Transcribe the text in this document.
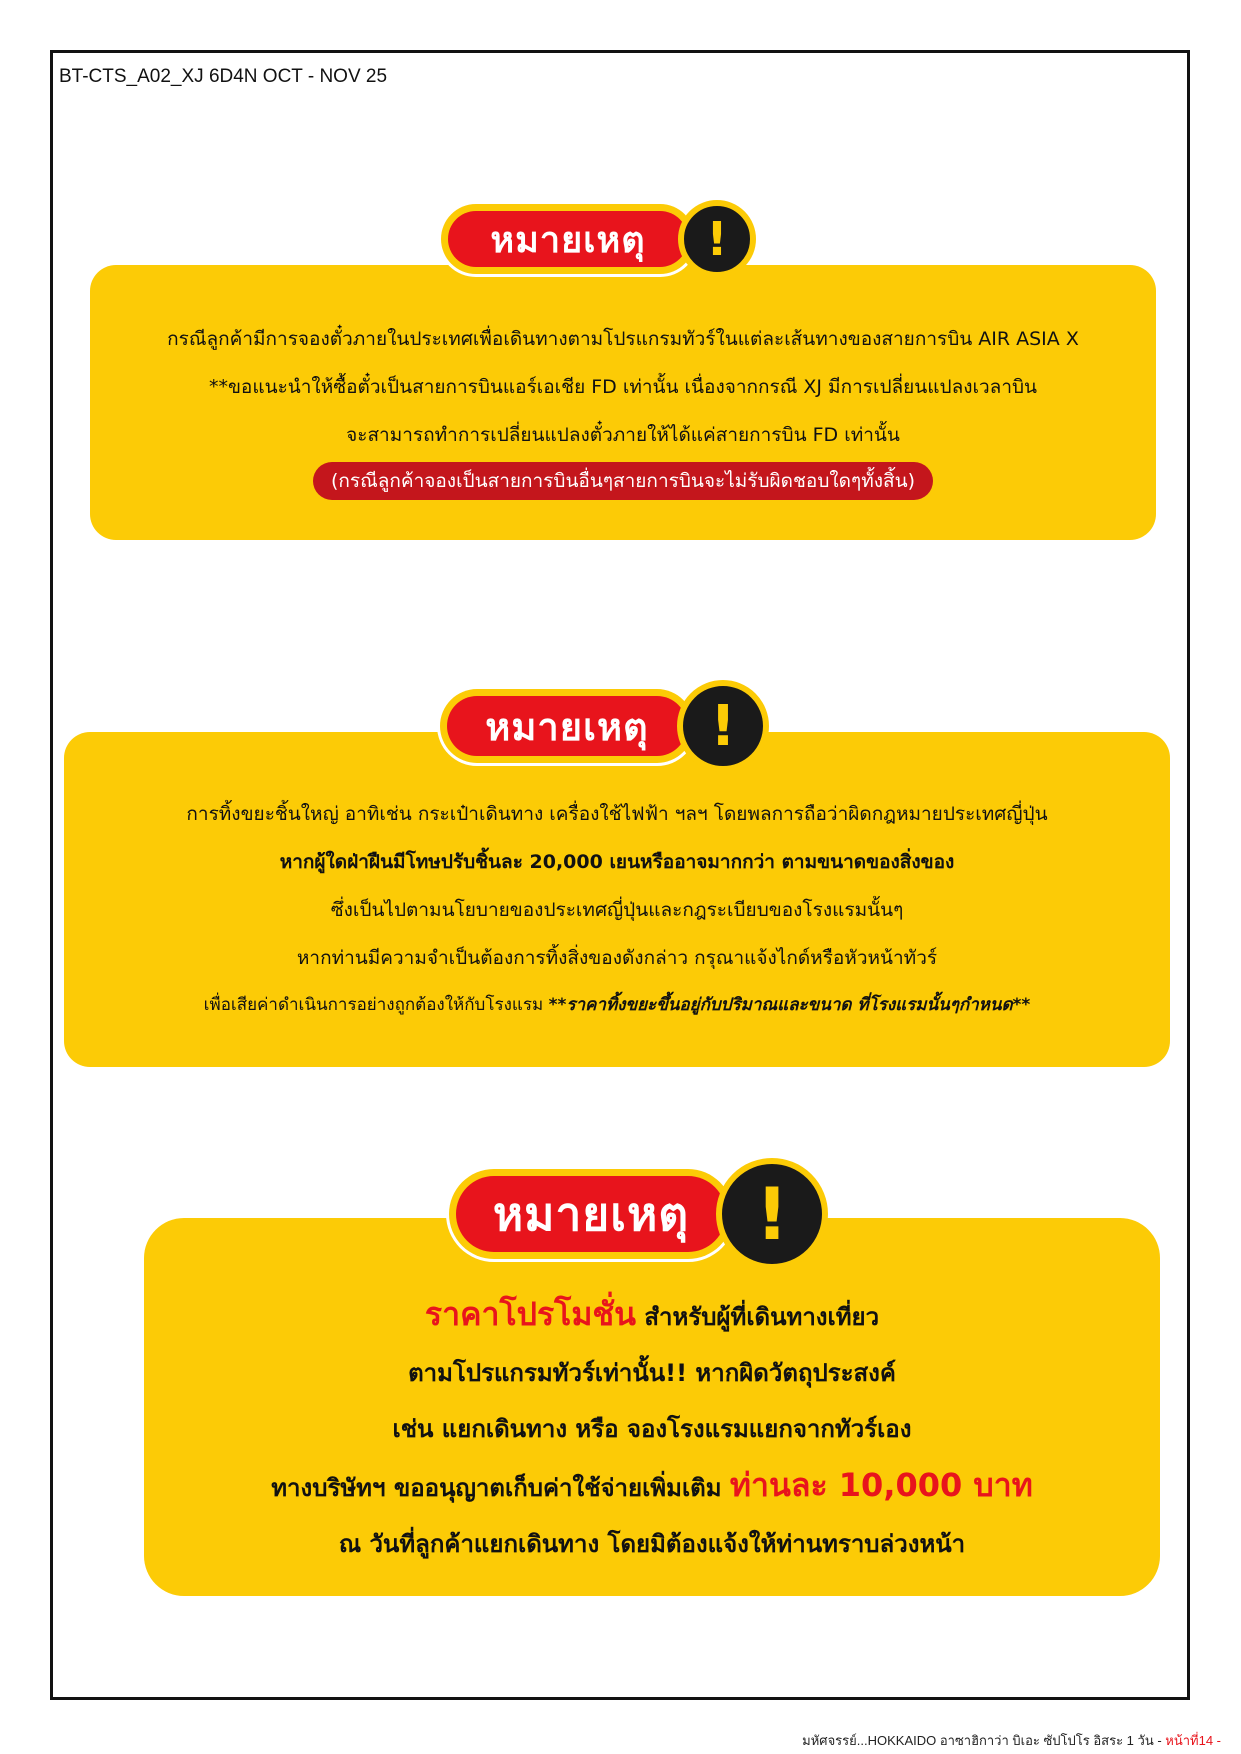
BT-CTS_A02_XJ 6D4N OCT - NOV 25
กรณีลูกค้ามีการจองตั๋วภายในประเทศเพื่อเดินทางตามโปรแกรมทัวร์ในแต่ละเส้นทางของสายการบิน AIR ASIA X
**ขอแนะนำให้ซื้อตั๋วเป็นสายการบินแอร์เอเชีย FD เท่านั้น เนื่องจากกรณี XJ มีการเปลี่ยนแปลงเวลาบิน
จะสามารถทำการเปลี่ยนแปลงตั๋วภายให้ได้แค่สายการบิน FD เท่านั้น
(กรณีลูกค้าจองเป็นสายการบินอื่นๆสายการบินจะไม่รับผิดชอบใดๆทั้งสิ้น)
หมายเหตุ	!
การทิ้งขยะชิ้นใหญ่ อาทิเช่น กระเป๋าเดินทาง เครื่องใช้ไฟฟ้า ฯลฯ โดยพลการถือว่าผิดกฎหมายประเทศญี่ปุ่น
หากผู้ใดฝ่าฝืนมีโทษปรับชิ้นละ 20,000 เยนหรืออาจมากกว่า ตามขนาดของสิ่งของ
ซึ่งเป็นไปตามนโยบายของประเทศญี่ปุ่นและกฎระเบียบของโรงแรมนั้นๆ
หากท่านมีความจำเป็นต้องการทิ้งสิ่งของดังกล่าว กรุณาแจ้งไกด์หรือหัวหน้าทัวร์
เพื่อเสียค่าดำเนินการอย่างถูกต้องให้กับโรงแรม **ราคาทิ้งขยะขึ้นอยู่กับปริมาณและขนาด ที่โรงแรมนั้นๆกำหนด**
หมายเหตุ	!
ราคาโปรโมชั่น สำหรับผู้ที่เดินทางเที่ยว
ตามโปรแกรมทัวร์เท่านั้น!! หากผิดวัตถุประสงค์
เช่น แยกเดินทาง หรือ จองโรงแรมแยกจากทัวร์เอง
ทางบริษัทฯ ขออนุญาตเก็บค่าใช้จ่ายเพิ่มเติม ท่านละ 10,000 บาท
ณ วันที่ลูกค้าแยกเดินทาง โดยมิต้องแจ้งให้ท่านทราบล่วงหน้า
หมายเหตุ !
มหัศจรรย์...HOKKAIDO อาซาฮิกาว่า บิเอะ ซัปโปโร อิสระ 1 วัน - หน้าที่14 -
